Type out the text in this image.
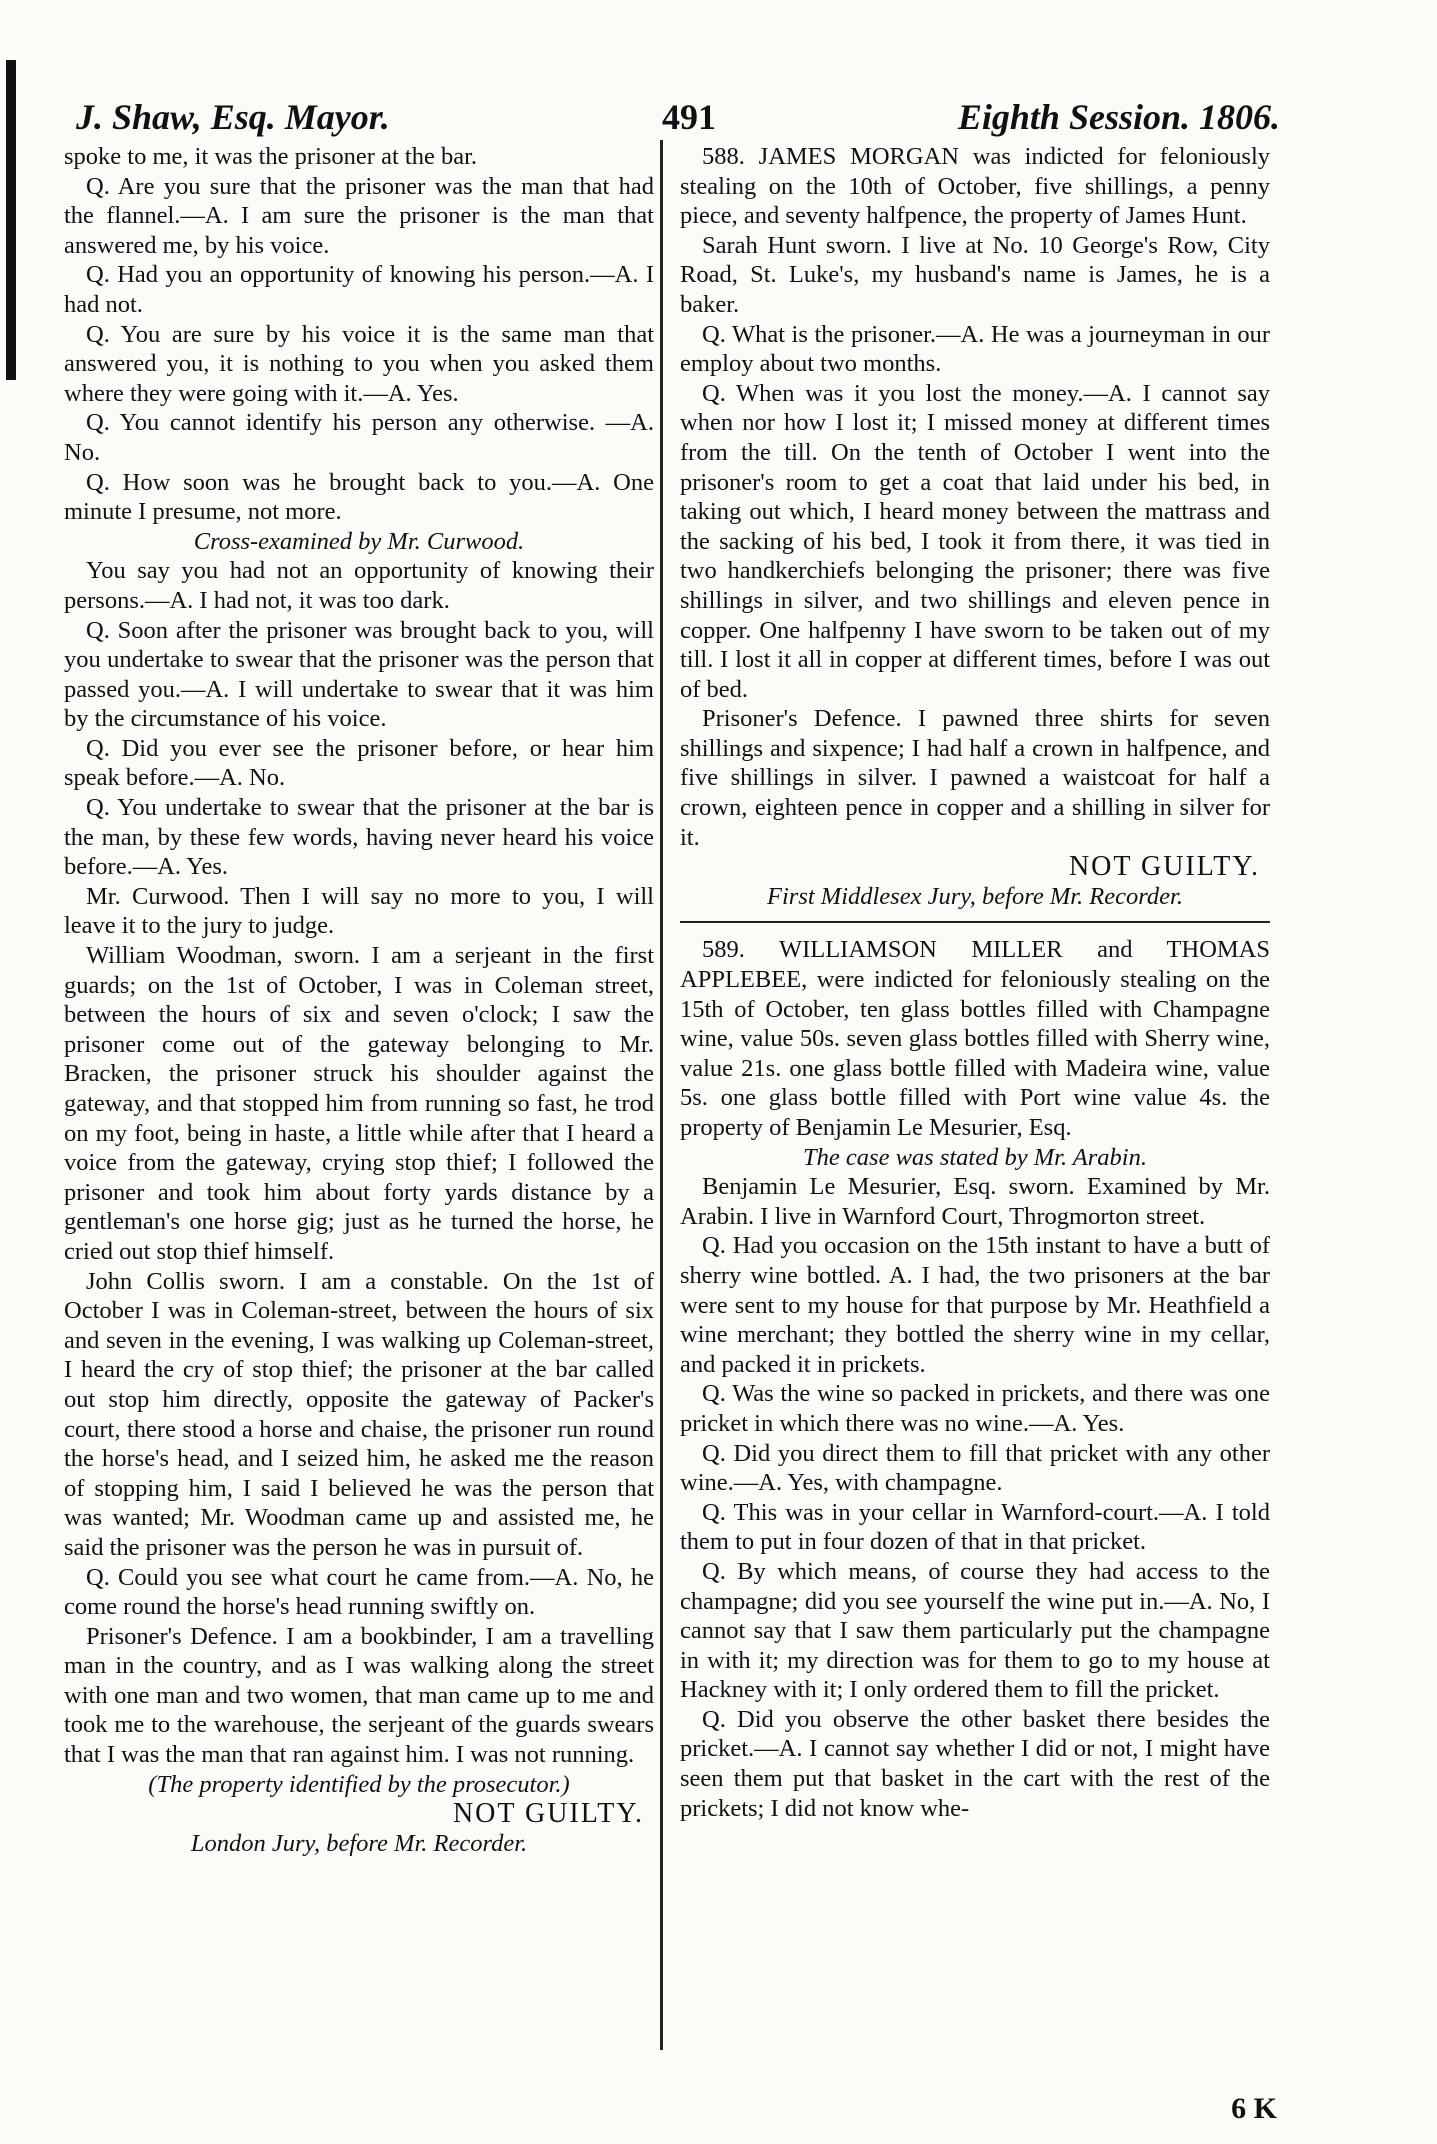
J. Shaw, Esq. Mayor.	491	Eighth Session. 1806.

spoke to me, it was the prisoner at the bar.

Q. Are you sure that the prisoner was the man that had the flannel.—A. I am sure the prisoner is the man that answered me, by his voice.

Q. Had you an opportunity of knowing his person.—A. I had not.

Q. You are sure by his voice it is the same man that answered you, it is nothing to you when you asked them where they were going with it.—A. Yes.

Q. You cannot identify his person any otherwise. —A. No.

Q. How soon was he brought back to you.—A. One minute I presume, not more.

Cross-examined by Mr. Curwood.

You say you had not an opportunity of knowing their persons.—A. I had not, it was too dark.

Q. Soon after the prisoner was brought back to you, will you undertake to swear that the prisoner was the person that passed you.—A. I will undertake to swear that it was him by the circumstance of his voice.

Q. Did you ever see the prisoner before, or hear him speak before.—A. No.

Q. You undertake to swear that the prisoner at the bar is the man, by these few words, having never heard his voice before.—A. Yes.

Mr. Curwood. Then I will say no more to you, I will leave it to the jury to judge.

William Woodman, sworn. I am a serjeant in the first guards; on the 1st of October, I was in Coleman street, between the hours of six and seven o'clock; I saw the prisoner come out of the gateway belonging to Mr. Bracken, the prisoner struck his shoulder against the gateway, and that stopped him from running so fast, he trod on my foot, being in haste, a little while after that I heard a voice from the gateway, crying stop thief; I followed the prisoner and took him about forty yards distance by a gentleman's one horse gig; just as he turned the horse, he cried out stop thief himself.

John Collis sworn. I am a constable. On the 1st of October I was in Coleman-street, between the hours of six and seven in the evening, I was walking up Coleman-street, I heard the cry of stop thief; the prisoner at the bar called out stop him directly, opposite the gateway of Packer's court, there stood a horse and chaise, the prisoner run round the horse's head, and I seized him, he asked me the reason of stopping him, I said I believed he was the person that was wanted; Mr. Woodman came up and assisted me, he said the prisoner was the person he was in pursuit of.

Q. Could you see what court he came from.—A. No, he come round the horse's head running swiftly on.

Prisoner's Defence. I am a bookbinder, I am a travelling man in the country, and as I was walking along the street with one man and two women, that man came up to me and took me to the warehouse, the serjeant of the guards swears that I was the man that ran against him. I was not running.

(The property identified by the prosecutor.)

NOT GUILTY.

London Jury, before Mr. Recorder.

588. JAMES MORGAN was indicted for feloniously stealing on the 10th of October, five shillings, a penny piece, and seventy halfpence, the property of James Hunt.

Sarah Hunt sworn. I live at No. 10 George's Row, City Road, St. Luke's, my husband's name is James, he is a baker.

Q. What is the prisoner.—A. He was a journeyman in our employ about two months.

Q. When was it you lost the money.—A. I cannot say when nor how I lost it; I missed money at different times from the till. On the tenth of October I went into the prisoner's room to get a coat that laid under his bed, in taking out which, I heard money between the mattrass and the sacking of his bed, I took it from there, it was tied in two handkerchiefs belonging the prisoner; there was five shillings in silver, and two shillings and eleven pence in copper. One halfpenny I have sworn to be taken out of my till. I lost it all in copper at different times, before I was out of bed.

Prisoner's Defence. I pawned three shirts for seven shillings and sixpence; I had half a crown in halfpence, and five shillings in silver. I pawned a waistcoat for half a crown, eighteen pence in copper and a shilling in silver for it.

NOT GUILTY.

First Middlesex Jury, before Mr. Recorder.

589. WILLIAMSON MILLER and THOMAS APPLEBEE, were indicted for feloniously stealing on the 15th of October, ten glass bottles filled with Champagne wine, value 50s. seven glass bottles filled with Sherry wine, value 21s. one glass bottle filled with Madeira wine, value 5s. one glass bottle filled with Port wine value 4s. the property of Benjamin Le Mesurier, Esq.

The case was stated by Mr. Arabin.

Benjamin Le Mesurier, Esq. sworn. Examined by Mr. Arabin. I live in Warnford Court, Throgmorton street.

Q. Had you occasion on the 15th instant to have a butt of sherry wine bottled. A. I had, the two prisoners at the bar were sent to my house for that purpose by Mr. Heathfield a wine merchant; they bottled the sherry wine in my cellar, and packed it in prickets.

Q. Was the wine so packed in prickets, and there was one pricket in which there was no wine.—A. Yes.

Q. Did you direct them to fill that pricket with any other wine.—A. Yes, with champagne.

Q. This was in your cellar in Warnford-court.—A. I told them to put in four dozen of that in that pricket.

Q. By which means, of course they had access to the champagne; did you see yourself the wine put in.—A. No, I cannot say that I saw them particularly put the champagne in with it; my direction was for them to go to my house at Hackney with it; I only ordered them to fill the pricket.

Q. Did you observe the other basket there besides the pricket.—A. I cannot say whether I did or not, I might have seen them put that basket in the cart with the rest of the prickets; I did not know whe-

6 K
